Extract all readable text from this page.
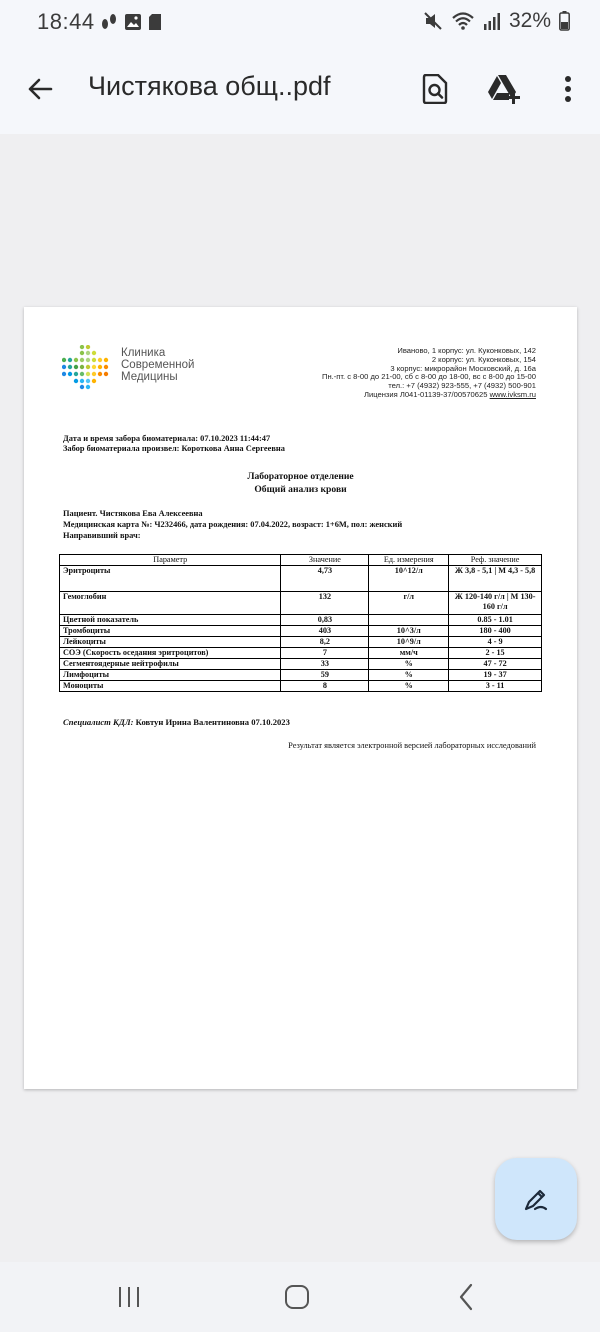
18:44	32%
Чистякова общ..pdf
Клиника
Современной
Медицины
Иваново, 1 корпус: ул. Куконковых, 142
2 корпус: ул. Куконковых, 154
3 корпус: микрорайон Московский, д. 16а
Пн.-пт. с 8-00 до 21-00, сб с 8-00 до 18-00, вс с 8-00 до 15-00
тел.: +7 (4932) 923-555, +7 (4932) 500-901
Лицензия Л041-01139-37/00570625 www.ivksm.ru
Дата и время забора биоматериала: 07.10.2023 11:44:47
Забор биоматериала произвел: Короткова Анна Сергеевна
Лабораторное отделение
Общий анализ крови
Пациент. Чистякова Ева Алексеевна
Медицинская карта №: Ч232466, дата рождения: 07.04.2022, возраст: 1+6М, пол: женский
Направивший врач:
Параметр	Значение	Ед. измерения	Реф. значение
Эритроциты	4,73	10^12/л	Ж 3,8 - 5,1 | М 4,3 - 5,8
Гемоглобин	132	г/л	Ж 120-140 г/л | М 130-160 г/л
Цветной показатель	0,83		0.85 - 1.01
Тромбоциты	403	10^3/л	180 - 400
Лейкоциты	8,2	10^9/л	4 - 9
СОЭ (Скорость оседания эритроцитов)	7	мм/ч	2 - 15
Сегментоядерные нейтрофилы	33	%	47 - 72
Лимфоциты	59	%	19 - 37
Моноциты	8	%	3 - 11
Специалист КДЛ: Ковтун Ирина Валентиновна 07.10.2023
Результат является электронной версией лабораторных исследований
